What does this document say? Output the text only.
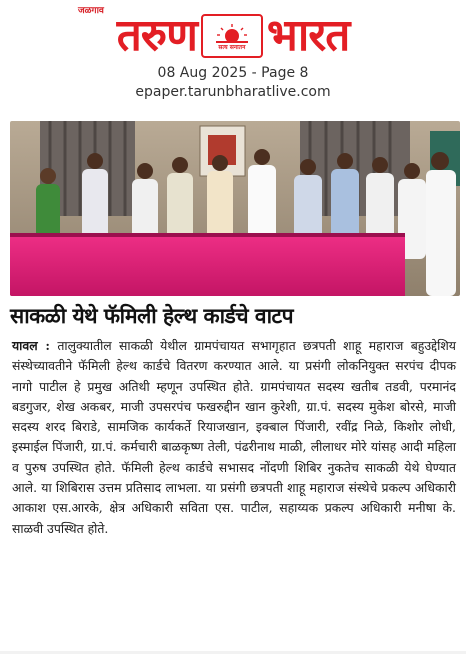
जळगाव तरुण	सत्य सनातन भारत
08 Aug 2025 - Page 8
epaper.tarunbharatlive.com
साकळी येथे फॅमिली हेल्थ कार्डचे वाटप
यावल : तालुक्यातील साकळी येथील ग्रामपंचायत सभागृहात छत्रपती शाहू महाराज बहुउद्देशिय संस्थेच्यावतीने फॅमिली हेल्थ कार्डचे वितरण करण्यात आले. या प्रसंगी लोकनियुक्त सरपंच दीपक नागो पाटील हे प्रमुख अतिथी म्हणून उपस्थित होते. ग्रामपंचायत सदस्य खतीब तडवी, परमानंद बडगुजर, शेख अकबर, माजी उपसरपंच फखरुद्दीन खान कुरेशी, ग्रा.पं. सदस्य मुकेश बोरसे, माजी सदस्य शरद बिराडे, सामजिक कार्यकर्ते रियाजखान, इक्बाल पिंजारी, रवींद्र निळे, किशोर लोधी, इस्माईल पिंजारी, ग्रा.पं. कर्मचारी बाळकृष्ण तेली, पंढरीनाथ माळी, लीलाधर मोरे यांसह आदी महिला व पुरुष उपस्थित होते. फॅमिली हेल्थ कार्डचे सभासद नोंदणी शिबिर नुकतेच साकळी येथे घेण्यात आले. या शिबिरास उत्तम प्रतिसाद लाभला. या प्रसंगी छत्रपती शाहू महाराज संस्थेचे प्रकल्प अधिकारी आकाश एस.आरके, क्षेत्र अधिकारी सविता एस. पाटील, सहाय्यक प्रकल्प अधिकारी मनीषा के. साळवी उपस्थित होते.
